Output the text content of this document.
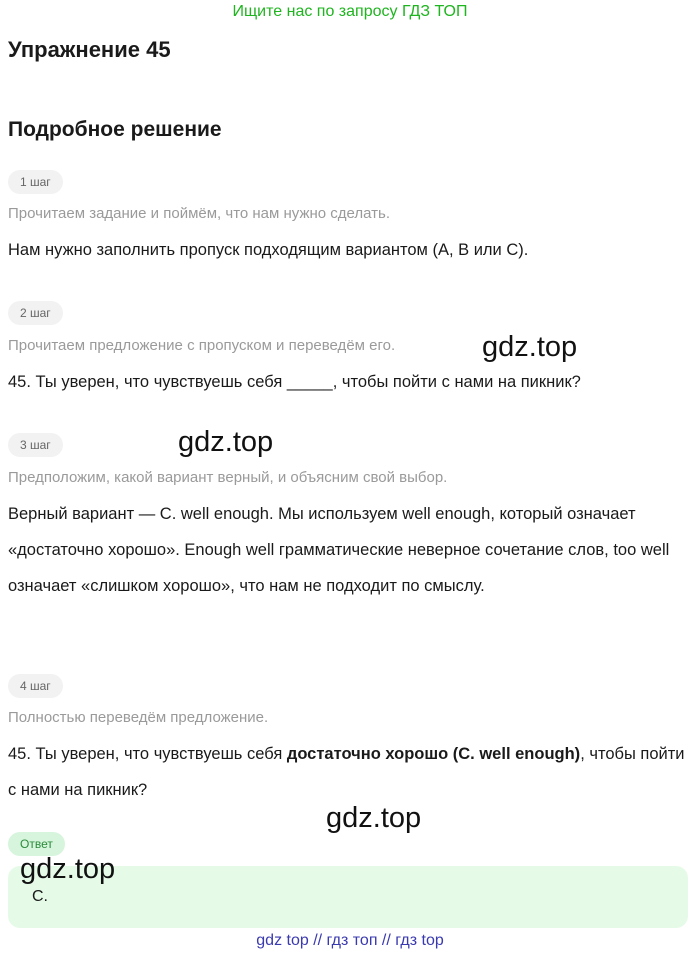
Ищите нас по запросу ГДЗ ТОП
Упражнение 45
Подробное решение
1 шаг
Прочитаем задание и поймём, что нам нужно сделать.
Нам нужно заполнить пропуск подходящим вариантом (A, B или C).
2 шаг
Прочитаем предложение с пропуском и переведём его.
45. Ты уверен, что чувствуешь себя _____, чтобы пойти с нами на пикник?
3 шаг
Предположим, какой вариант верный, и объясним свой выбор.
Верный вариант — C. well enough. Мы используем well enough, который означает «достаточно хорошо». Enough well грамматические неверное сочетание слов, too well означает «слишком хорошо», что нам не подходит по смыслу.
4 шаг
Полностью переведём предложение.
45. Ты уверен, что чувствуешь себя достаточно хорошо (C. well enough), чтобы пойти с нами на пикник?
C.
Ответ
gdz.top
gdz.top
gdz.top
gdz.top
gdz top // гдз топ // гдз top
